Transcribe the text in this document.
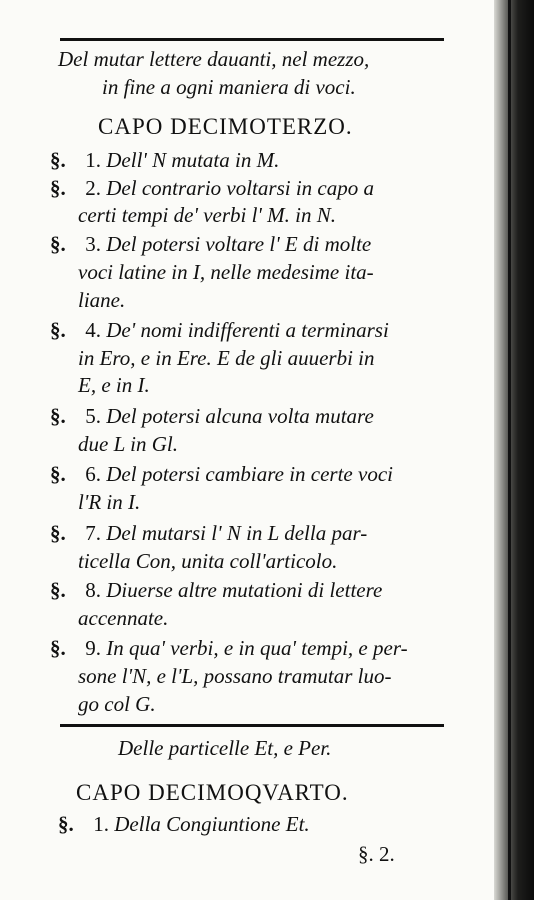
Del mutar lettere dauanti, nel mezzo,
in fine a ogni maniera di voci.
CAPO DECIMOTERZO.
§. 1. Dell' N mutata in M.
§. 2. Del contrario voltarsi in capo a
certi tempi de' verbi l' M. in N.
§. 3. Del potersi voltare l' E di molte
voci latine in I, nelle medesime ita-
liane.
§. 4. De' nomi indifferenti a terminarsi
in Ero, e in Ere. E de gli auuerbi in
E, e in I.
§. 5. Del potersi alcuna volta mutare
due L in Gl.
§. 6. Del potersi cambiare in certe voci
l'R in I.
§. 7. Del mutarsi l' N in L della par-
ticella Con, unita coll'articolo.
§. 8. Diuerse altre mutationi di lettere
accennate.
§. 9. In qua' verbi, e in qua' tempi, e per-
sone l'N, e l'L, possano tramutar luo-
go col G.
Delle particelle Et, e Per.
CAPO DECIMOQVARTO.
§. 1. Della Congiuntione Et.
§. 2.
